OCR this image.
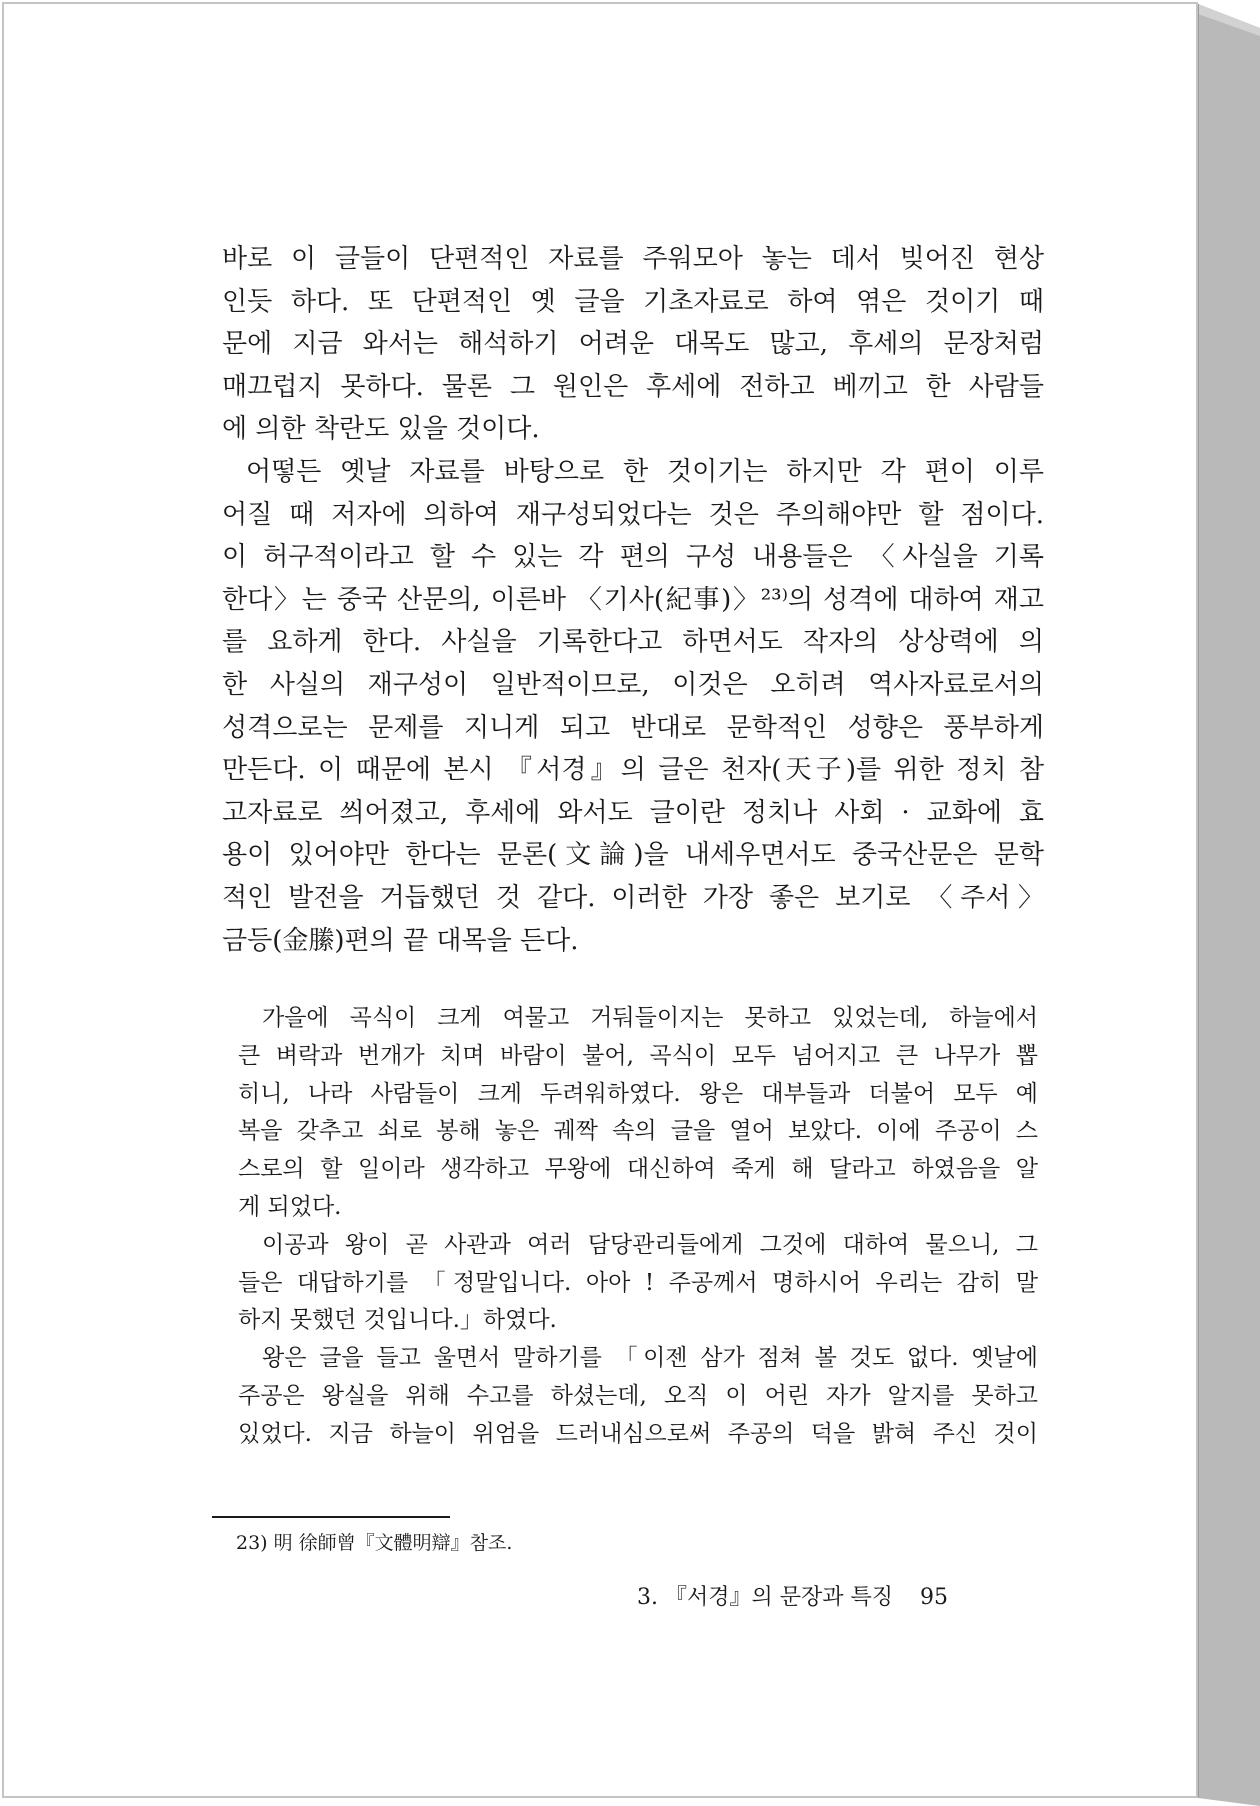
바로 이 글들이 단편적인 자료를 주워모아 놓는 데서 빚어진 현상
인듯 하다. 또 단편적인 옛 글을 기초자료로 하여 엮은 것이기 때
문에 지금 와서는 해석하기 어려운 대목도 많고, 후세의 문장처럼
매끄럽지 못하다. 물론 그 원인은 후세에 전하고 베끼고 한 사람들
에 의한 착란도 있을 것이다.
어떻든 옛날 자료를 바탕으로 한 것이기는 하지만 각 편이 이루
어질 때 저자에 의하여 재구성되었다는 것은 주의해야만 할 점이다.
이 허구적이라고 할 수 있는 각 편의 구성 내용들은 〈사실을 기록
한다〉는 중국 산문의, 이른바 〈기사(紀事)〉²³⁾의 성격에 대하여 재고
를 요하게 한다. 사실을 기록한다고 하면서도 작자의 상상력에 의
한 사실의 재구성이 일반적이므로, 이것은 오히려 역사자료로서의
성격으로는 문제를 지니게 되고 반대로 문학적인 성향은 풍부하게
만든다. 이 때문에 본시 『서경』의 글은 천자(天子)를 위한 정치 참
고자료로 씌어졌고, 후세에 와서도 글이란 정치나 사회 · 교화에 효
용이 있어야만 한다는 문론(文論)을 내세우면서도 중국산문은 문학
적인 발전을 거듭했던 것 같다. 이러한 가장 좋은 보기로 〈주서〉
금등(金縢)편의 끝 대목을 든다.
가을에 곡식이 크게 여물고 거둬들이지는 못하고 있었는데, 하늘에서
큰 벼락과 번개가 치며 바람이 불어, 곡식이 모두 넘어지고 큰 나무가 뽑
히니, 나라 사람들이 크게 두려워하였다. 왕은 대부들과 더불어 모두 예
복을 갖추고 쇠로 봉해 놓은 궤짝 속의 글을 열어 보았다. 이에 주공이 스
스로의 할 일이라 생각하고 무왕에 대신하여 죽게 해 달라고 하였음을 알
게 되었다.
이공과 왕이 곧 사관과 여러 담당관리들에게 그것에 대하여 물으니, 그
들은 대답하기를 「정말입니다. 아아 ! 주공께서 명하시어 우리는 감히 말
하지 못했던 것입니다.」하였다.
왕은 글을 들고 울면서 말하기를 「이젠 삼가 점쳐 볼 것도 없다. 옛날에
주공은 왕실을 위해 수고를 하셨는데, 오직 이 어린 자가 알지를 못하고
있었다. 지금 하늘이 위엄을 드러내심으로써 주공의 덕을 밝혀 주신 것이
23) 明 徐師曾『文體明辯』참조.
3. 『서경』의 문장과 특징 95
